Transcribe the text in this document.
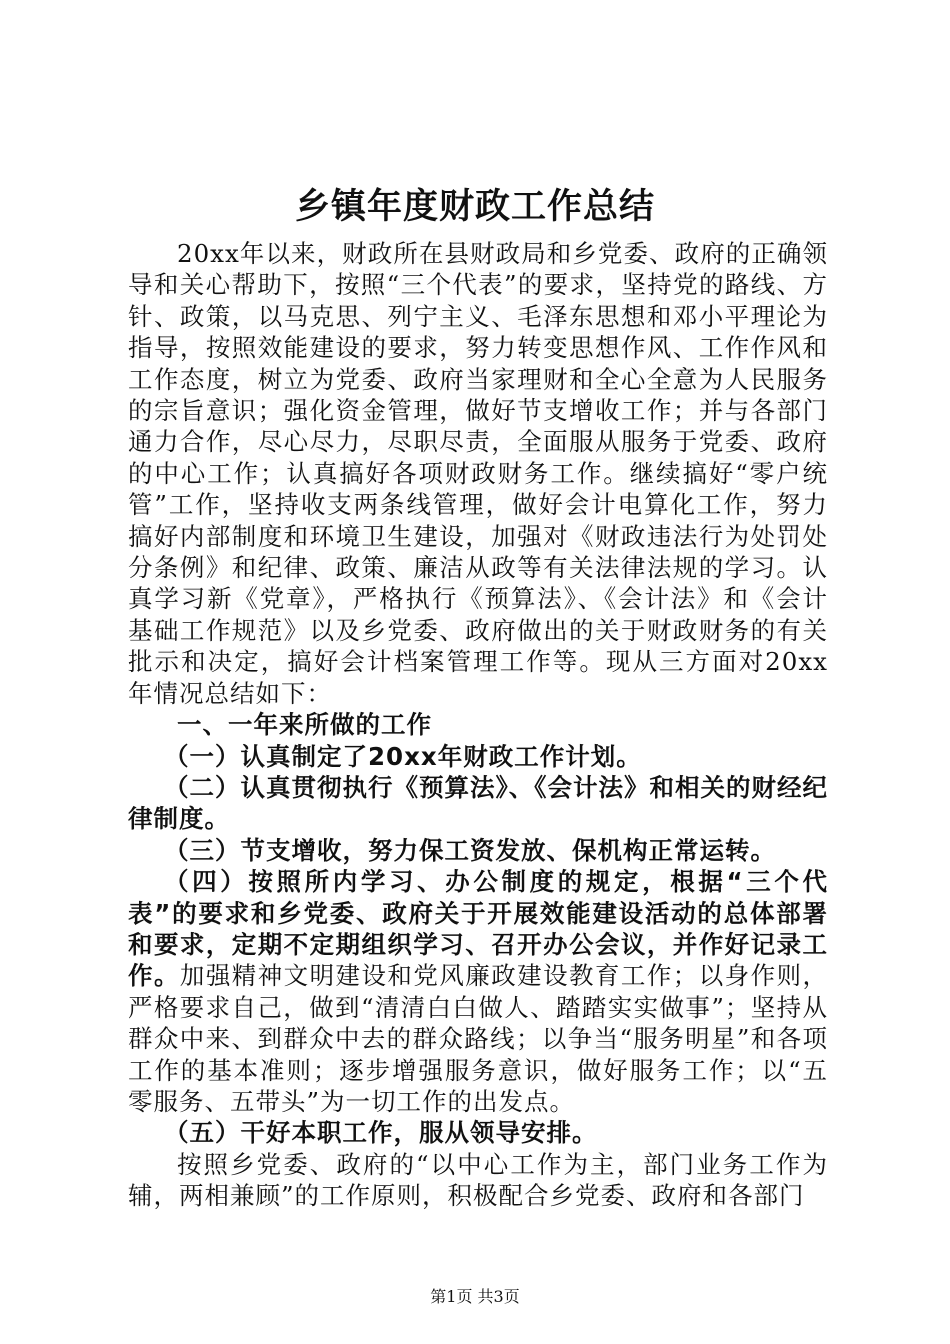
乡镇年度财政工作总结

20xx年以来，财政所在县财政局和乡党委、政府的正确领导和关心帮助下，按照“三个代表”的要求，坚持党的路线、方针、政策，以马克思、列宁主义、毛泽东思想和邓小平理论为指导，按照效能建设的要求，努力转变思想作风、工作作风和工作态度，树立为党委、政府当家理财和全心全意为人民服务的宗旨意识；强化资金管理，做好节支增收工作；并与各部门通力合作，尽心尽力，尽职尽责，全面服从服务于党委、政府的中心工作；认真搞好各项财政财务工作。继续搞好“零户统管”工作，坚持收支两条线管理，做好会计电算化工作，努力搞好内部制度和环境卫生建设，加强对《财政违法行为处罚处分条例》和纪律、政策、廉洁从政等有关法律法规的学习。认真学习新《党章》，严格执行《预算法》、《会计法》和《会计基础工作规范》以及乡党委、政府做出的关于财政财务的有关批示和决定，搞好会计档案管理工作等。现从三方面对20xx年情况总结如下：

一、一年来所做的工作

（一）认真制定了20xx年财政工作计划。

（二）认真贯彻执行《预算法》、《会计法》和相关的财经纪律制度。

（三）节支增收，努力保工资发放、保机构正常运转。

（四）按照所内学习、办公制度的规定，根据“三个代表”的要求和乡党委、政府关于开展效能建设活动的总体部署和要求，定期不定期组织学习、召开办公会议，并作好记录工作。加强精神文明建设和党风廉政建设教育工作；以身作则，严格要求自己，做到“清清白白做人、踏踏实实做事”；坚持从群众中来、到群众中去的群众路线；以争当“服务明星”和各项工作的基本准则；逐步增强服务意识，做好服务工作；以“五零服务、五带头”为一切工作的出发点。

（五）干好本职工作，服从领导安排。

按照乡党委、政府的“以中心工作为主，部门业务工作为辅，两相兼顾”的工作原则，积极配合乡党委、政府和各部门

第1页 共3页
